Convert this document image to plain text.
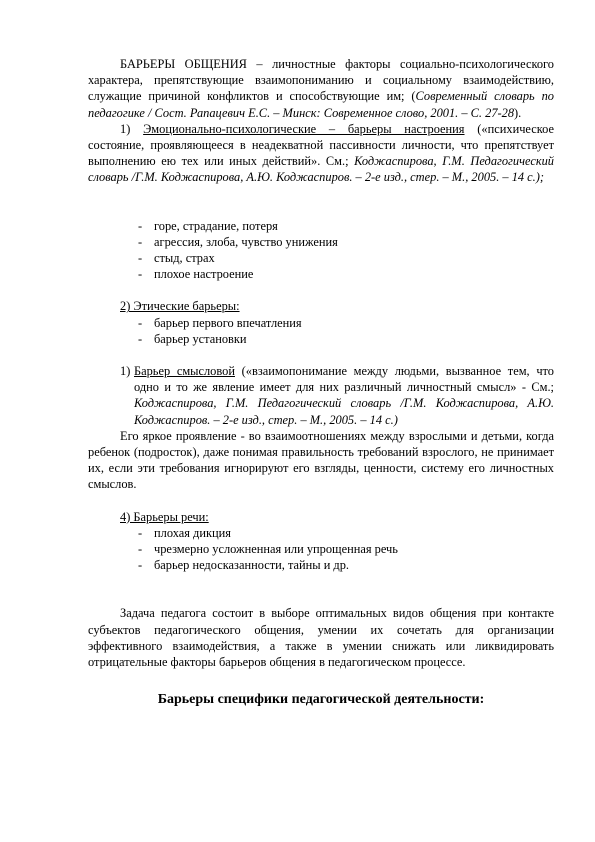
БАРЬЕРЫ ОБЩЕНИЯ – личностные факторы социально-психологического характера, препятствующие взаимопониманию и социальному взаимодействию, служащие причиной конфликтов и способствующие им; (Современный словарь по педагогике / Сост. Рапацевич Е.С. – Минск: Современное слово, 2001. – С. 27-28).

1) Эмоционально-психологические – барьеры настроения («психическое состояние, проявляющееся в неадекватной пассивности личности, что препятствует выполнению ею тех или иных действий». См.; Коджаспирова, Г.М. Педагогический словарь /Г.М. Коджаспирова, А.Ю. Коджаспиров. – 2-е изд., стер. – М., 2005. – 14 с.);

- горе, страдание, потеря
- агрессия, злоба, чувство унижения
- стыд, страх
- плохое настроение
2) Этические барьеры:
- барьер первого впечатления
- барьер установки
1) Барьер смысловой («взаимопонимание между людьми, вызванное тем, что одно и то же явление имеет для них различный личностный смысл» - См.; Коджаспирова, Г.М. Педагогический словарь /Г.М. Коджаспирова, А.Ю. Коджаспиров. – 2-е изд., стер. – М., 2005. – 14 с.)

Его яркое проявление - во взаимоотношениях между взрослыми и детьми, когда ребенок (подросток), даже понимая правильность требований взрослого, не принимает их, если эти требования игнорируют его взгляды, ценности, систему его личностных смыслов.

4) Барьеры речи:
- плохая дикция
- чрезмерно усложненная или упрощенная речь
- барьер недосказанности, тайны и др.

Задача педагога состоит в выборе оптимальных видов общения при контакте субъектов педагогического общения, умении их сочетать для организации эффективного взаимодействия, а также в умении снижать или ликвидировать отрицательные факторы барьеров общения в педагогическом процессе.

Барьеры специфики педагогической деятельности:
